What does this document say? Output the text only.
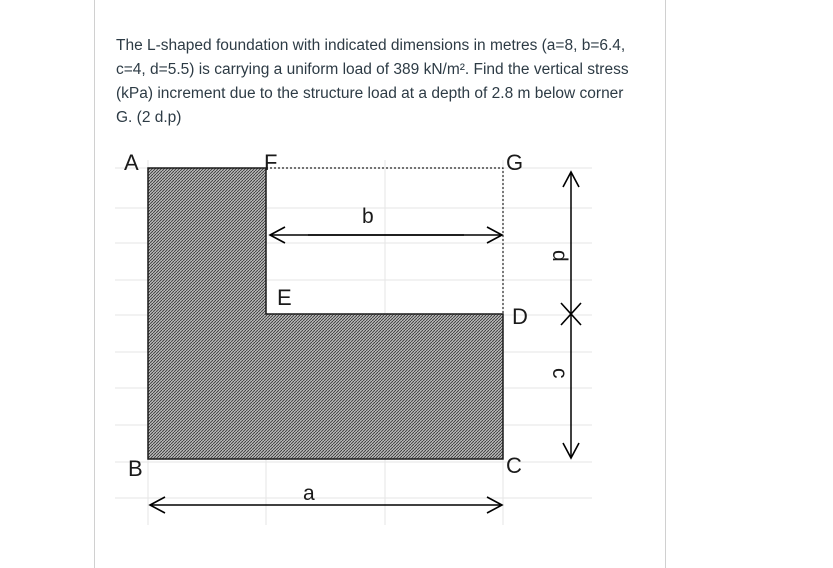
The L-shaped foundation with indicated dimensions in metres (a=8, b=6.4,

c=4, d=5.5) is carrying a uniform load of 389 kN/m². Find the vertical stress

(kPa) increment due to the structure load at a depth of 2.8 m below corner

G. (2 d.p)

A	F	G
E
D
C
B
b
a
d
c
